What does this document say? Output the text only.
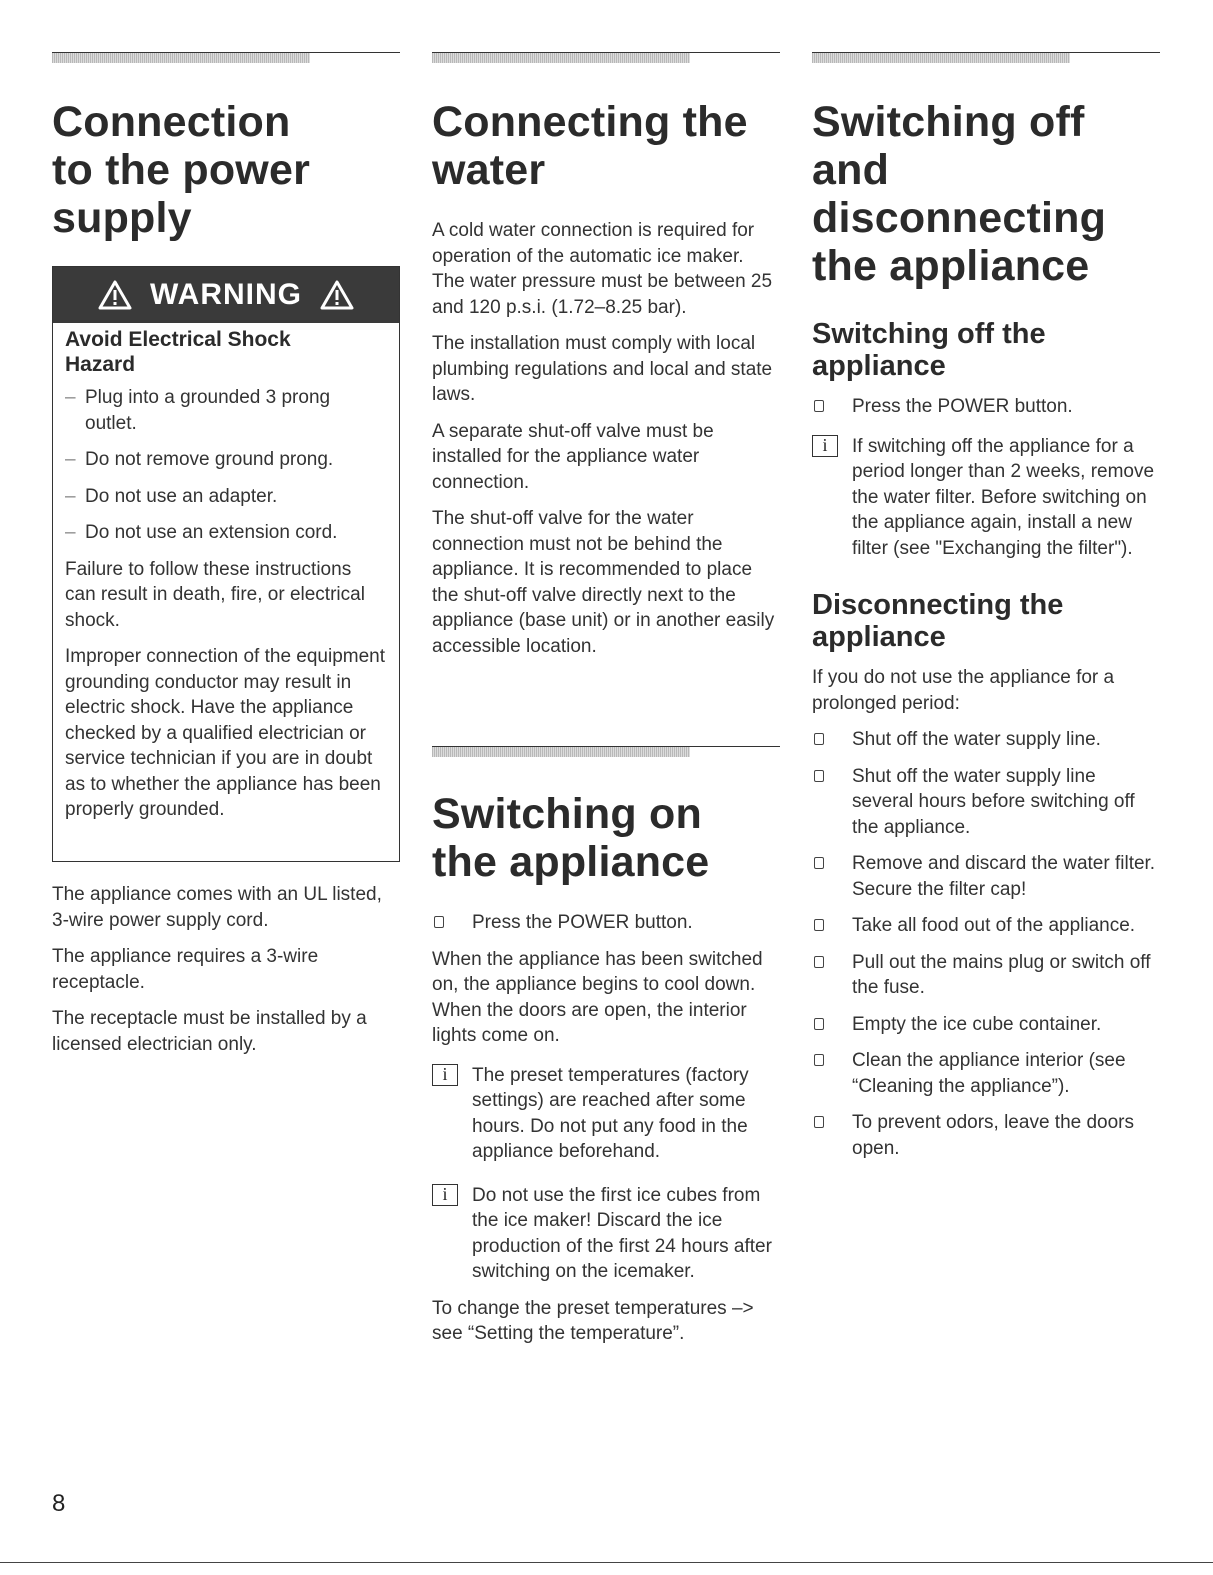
Connection
to the power
supply
WARNING
Avoid Electrical Shock
Hazard
– Plug into a grounded 3 prong outlet.
– Do not remove ground prong.
– Do not use an adapter.
– Do not use an extension cord.

Failure to follow these instructions can result in death, fire, or electrical shock.

Improper connection of the equipment grounding conductor may result in electric shock. Have the appliance checked by a qualified electrician or service technician if you are in doubt as to whether the appliance has been properly grounded.

The appliance comes with an UL listed, 3‑wire power supply cord.

The appliance requires a 3‑wire receptacle.

The receptacle must be installed by a licensed electrician only.

Connecting the
water

A cold water connection is required for operation of the automatic ice maker. The water pressure must be between 25 and 120 p.s.i. (1.72–8.25 bar).

The installation must comply with local plumbing regulations and local and state laws.

A separate shut‑off valve must be installed for the appliance water connection.

The shut‑off valve for the water connection must not be behind the appliance. It is recommended to place the shut‑off valve directly next to the appliance (base unit) or in another easily accessible location.

Switching on
the appliance
Press the POWER button.

When the appliance has been switched on, the appliance begins to cool down. When the doors are open, the interior lights come on.

i	The preset temperatures (factory settings) are reached after some hours. Do not put any food in the appliance beforehand.
i	Do not use the first ice cubes from the ice maker! Discard the ice production of the first 24 hours after switching on the icemaker.

To change the preset temperatures –> see “Setting the temperature”.

Switching off
and
disconnecting
the appliance
Switching off the
appliance
Press the POWER button.
i	If switching off the appliance for a period longer than 2 weeks, remove the water filter. Before switching on the appliance again, install a new filter (see "Exchanging the filter").
Disconnecting the
appliance

If you do not use the appliance for a prolonged period:

Shut off the water supply line.
Shut off the water supply line several hours before switching off the appliance.
Remove and discard the water filter. Secure the filter cap!
Take all food out of the appliance.
Pull out the mains plug or switch off the fuse.
Empty the ice cube container.
Clean the appliance interior (see “Cleaning the appliance”).
To prevent odors, leave the doors open.
8
